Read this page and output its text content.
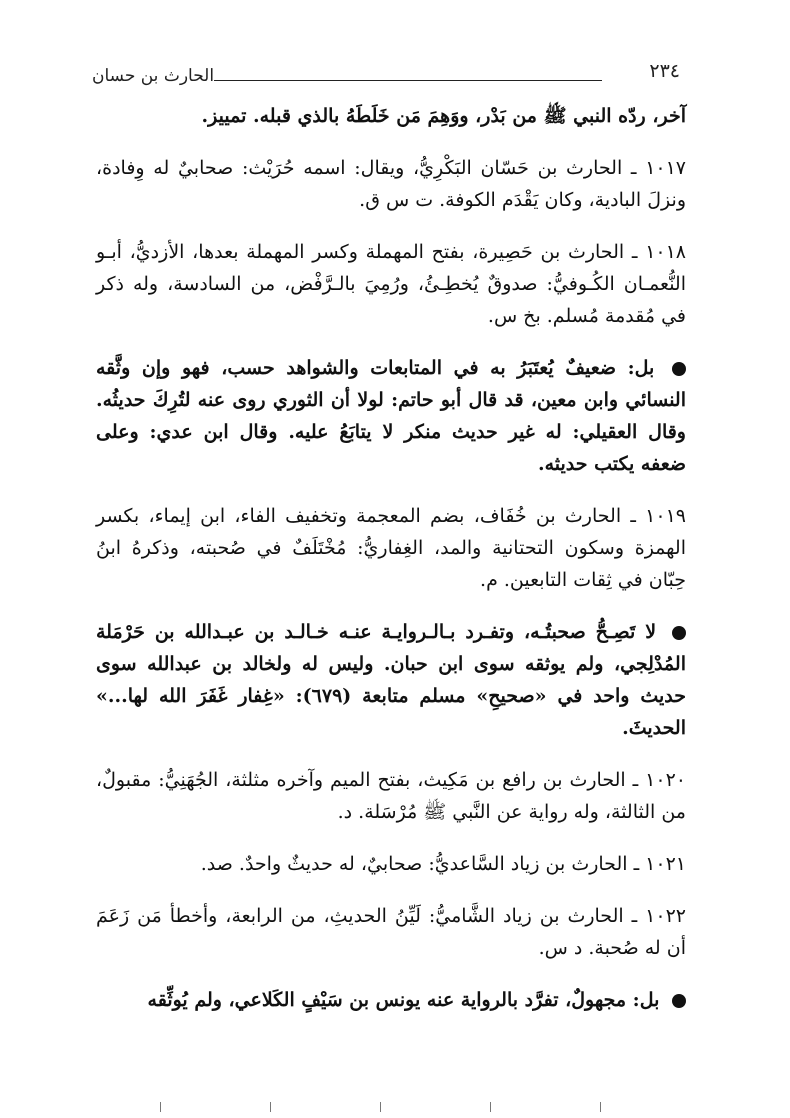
الحارث بن حسان	٢٣٤

آخر، ردّه النبي ﷺ من بَدْر، ووَهِمَ مَن خَلَطَهُ بالذي قبله. تمييز.

١٠١٧ ـ الحارث بن حَسّان البَكْرِيُّ، ويقال: اسمه حُرَيْث: صحابيٌ له وِفادة، ونزلَ البادية، وكان يَقْدَم الكوفة. ت س ق.

١٠١٨ ـ الحارث بن حَصِيرة، بفتح المهملة وكسر المهملة بعدها، الأزديُّ، أبـو النُّعمـان الكُـوفيُّ: صدوقٌ يُخطِـئُ، ورُمِيَ بالـرَّفْض، من السادسة، وله ذكر في مُقدمة مُسلم. بخ س.

بل: ضعيفٌ يُعتَبَرُ به في المتابعات والشواهد حسب، فهو وإن وثَّقه النسائي وابن معين، قد قال أبو حاتم: لولا أن الثوري روى عنه لتُرِكَ حديثُه. وقال العقيلي: له غير حديث منكر لا يتابَعُ عليه. وقال ابن عدي: وعلى ضعفه يكتب حديثه.

١٠١٩ ـ الحارث بن خُفَاف، بضم المعجمة وتخفيف الفاء، ابن إيماء، بكسر الهمزة وسكون التحتانية والمد، الغِفاريُّ: مُخْتَلَفٌ في صُحبته، وذكرهُ ابنُ حِبّان في ثِقات التابعين. م.

لا تَصِـحُّ صحبتُـه، وتفـرد بـالـروايـة عنـه خـالـد بن عبـدالله بن حَرْمَلة المُدْلِجي، ولم يوثقه سوى ابن حبان. وليس له ولخالد بن عبدالله سوى حديث واحد في «صحيحِ» مسلم متابعة (٦٧٩): «غِفار غَفَرَ الله لها...» الحديثَ.

١٠٢٠ ـ الحارث بن رافع بن مَكِيث، بفتح الميم وآخره مثلثة، الجُهَنِيُّ: مقبولٌ، من الثالثة، وله رواية عن النَّبي ﷺ مُرْسَلة. د.

١٠٢١ ـ الحارث بن زياد السَّاعديُّ: صحابيٌ، له حديثٌ واحدٌ. صد.

١٠٢٢ ـ الحارث بن زياد الشَّاميُّ: لَيِّنُ الحديثِ، من الرابعة، وأخطأ مَن زَعَمَ أن له صُحبة. د س.

بل: مجهولٌ، تفرَّد بالرواية عنه يونس بن سَيْفٍ الكَلاعي، ولم يُوثِّقه
